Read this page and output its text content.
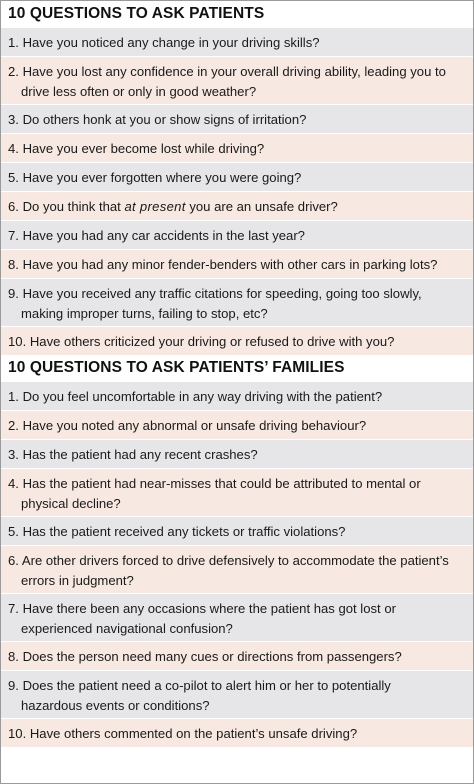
10 QUESTIONS TO ASK PATIENTS
1. Have you noticed any change in your driving skills?
2. Have you lost any confidence in your overall driving ability, leading you to
drive less often or only in good weather?
3. Do others honk at you or show signs of irritation?
4. Have you ever become lost while driving?
5. Have you ever forgotten where you were going?
6. Do you think that at present you are an unsafe driver?
7. Have you had any car accidents in the last year?
8. Have you had any minor fender-benders with other cars in parking lots?
9. Have you received any traffic citations for speeding, going too slowly,
making improper turns, failing to stop, etc?
10. Have others criticized your driving or refused to drive with you?
10 QUESTIONS TO ASK PATIENTS’ FAMILIES
1. Do you feel uncomfortable in any way driving with the patient?
2. Have you noted any abnormal or unsafe driving behaviour?
3. Has the patient had any recent crashes?
4. Has the patient had near-misses that could be attributed to mental or
physical decline?
5. Has the patient received any tickets or traffic violations?
6. Are other drivers forced to drive defensively to accommodate the patient’s
errors in judgment?
7. Have there been any occasions where the patient has got lost or
experienced navigational confusion?
8. Does the person need many cues or directions from passengers?
9. Does the patient need a co-pilot to alert him or her to potentially
hazardous events or conditions?
10. Have others commented on the patient’s unsafe driving?
